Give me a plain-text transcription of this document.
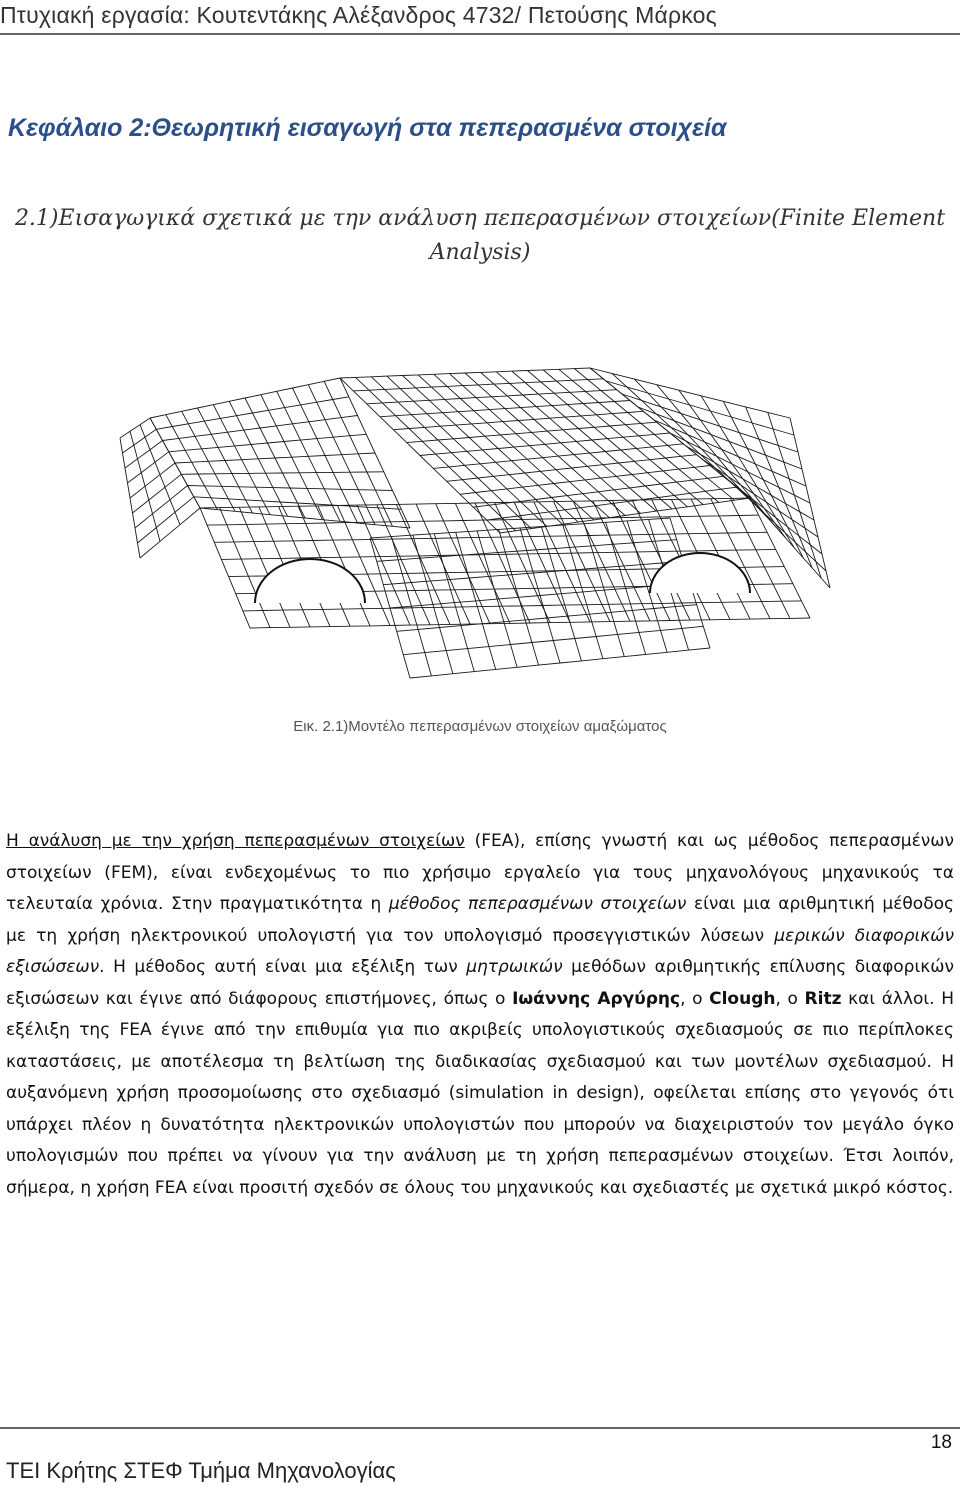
Πτυχιακή εργασία: Κουτεντάκης Αλέξανδρος 4732/ Πετούσης Μάρκος
Κεφάλαιο 2:Θεωρητική εισαγωγή στα πεπερασμένα στοιχεία
2.1)Εισαγωγικά σχετικά με την ανάλυση πεπερασμένων στοιχείων(Finite Element
Analysis)
Εικ. 2.1)Μοντέλο πεπερασμένων στοιχείων αμαξώματος
Η ανάλυση με την χρήση πεπερασμένων στοιχείων (FEA), επίσης γνωστή και ως μέθοδος πεπερασμένων στοιχείων (FEM), είναι ενδεχομένως το πιο χρήσιμο εργαλείο για τους μηχανολόγους μηχανικούς τα τελευταία χρόνια. Στην πραγματικότητα η μέθοδος πεπερασμένων στοιχείων είναι μια αριθμητική μέθοδος με τη χρήση ηλεκτρονικού υπολογιστή για τον υπολογισμό προσεγγιστικών λύσεων μερικών διαφορικών εξισώσεων. Η μέθοδος αυτή είναι μια εξέλιξη των μητρωικών μεθόδων αριθμητικής επίλυσης διαφορικών εξισώσεων και έγινε από διάφορους επιστήμονες, όπως ο Ιωάννης Αργύρης, ο Clough, ο Ritz και άλλοι. Η εξέλιξη της FEA έγινε από την επιθυμία για πιο ακριβείς υπολογιστικούς σχεδιασμούς σε πιο περίπλοκες καταστάσεις, με αποτέλεσμα τη βελτίωση της διαδικασίας σχεδιασμού και των μοντέλων σχεδιασμού. Η αυξανόμενη χρήση προσομοίωσης στο σχεδιασμό (simulation in design), οφείλεται επίσης στο γεγονός ότι υπάρχει πλέον η δυνατότητα ηλεκτρονικών υπολογιστών που μπορούν να διαχειριστούν τον μεγάλο όγκο υπολογισμών που πρέπει να γίνουν για την ανάλυση με τη χρήση πεπερασμένων στοιχείων. Έτσι λοιπόν, σήμερα, η χρήση FEA είναι προσιτή σχεδόν σε όλους του μηχανικούς και σχεδιαστές με σχετικά μικρό κόστος.
18
ΤΕΙ Κρήτης ΣΤΕΦ Τμήμα Μηχανολογίας
